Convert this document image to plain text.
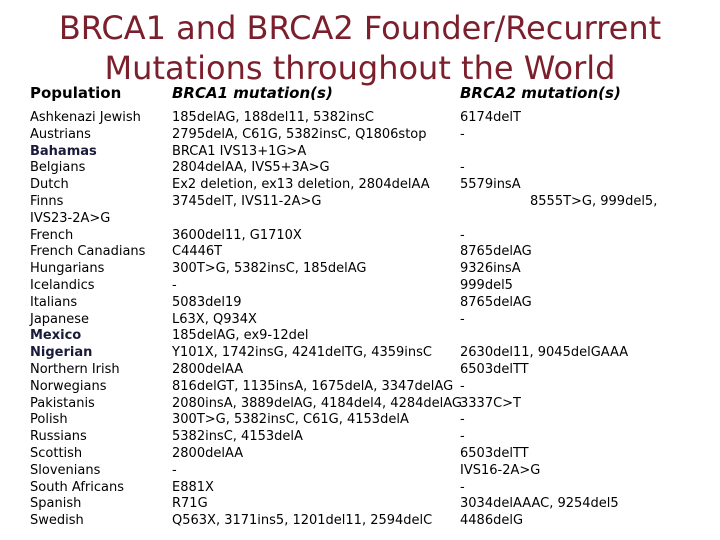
BRCA1 and BRCA2 Founder/Recurrent
Mutations throughout the World
Population	BRCA1 mutation(s)	BRCA2 mutation(s)
Ashkenazi Jewish
Austrians
Bahamas
Belgians
Dutch
Finns
IVS23-2A>G
French
French Canadians
Hungarians
Icelandics
Italians
Japanese
Mexico
Nigerian
Northern Irish
Norwegians
Pakistanis
Polish
Russians
Scottish
Slovenians
South Africans
Spanish
Swedish
185delAG, 188del11, 5382insC
2795delA, C61G, 5382insC, Q1806stop
BRCA1 IVS13+1G>A
2804delAA, IVS5+3A>G
Ex2 deletion, ex13 deletion, 2804delAA
3745delT, IVS11-2A>G
3600del11, G1710X
C4446T
300T>G, 5382insC, 185delAG
-
5083del19
L63X, Q934X
185delAG, ex9-12del
Y101X, 1742insG, 4241delTG, 4359insC
2800delAA
816delGT, 1135insA, 1675delA, 3347delAG
2080insA, 3889delAG, 4184del4, 4284delAG
300T>G, 5382insC, C61G, 4153delA
5382insC, 4153delA
2800delAA
-
E881X
R71G
Q563X, 3171ins5, 1201del11, 2594delC
6174delT
-
-
5579insA
-
8765delAG
9326insA
999del5
8765delAG
-
2630del11, 9045delGAAA
6503delTT
-
3337C>T
-
-
6503delTT
IVS16-2A>G
-
3034delAAAC, 9254del5
4486delG
8555T>G, 999del5,
